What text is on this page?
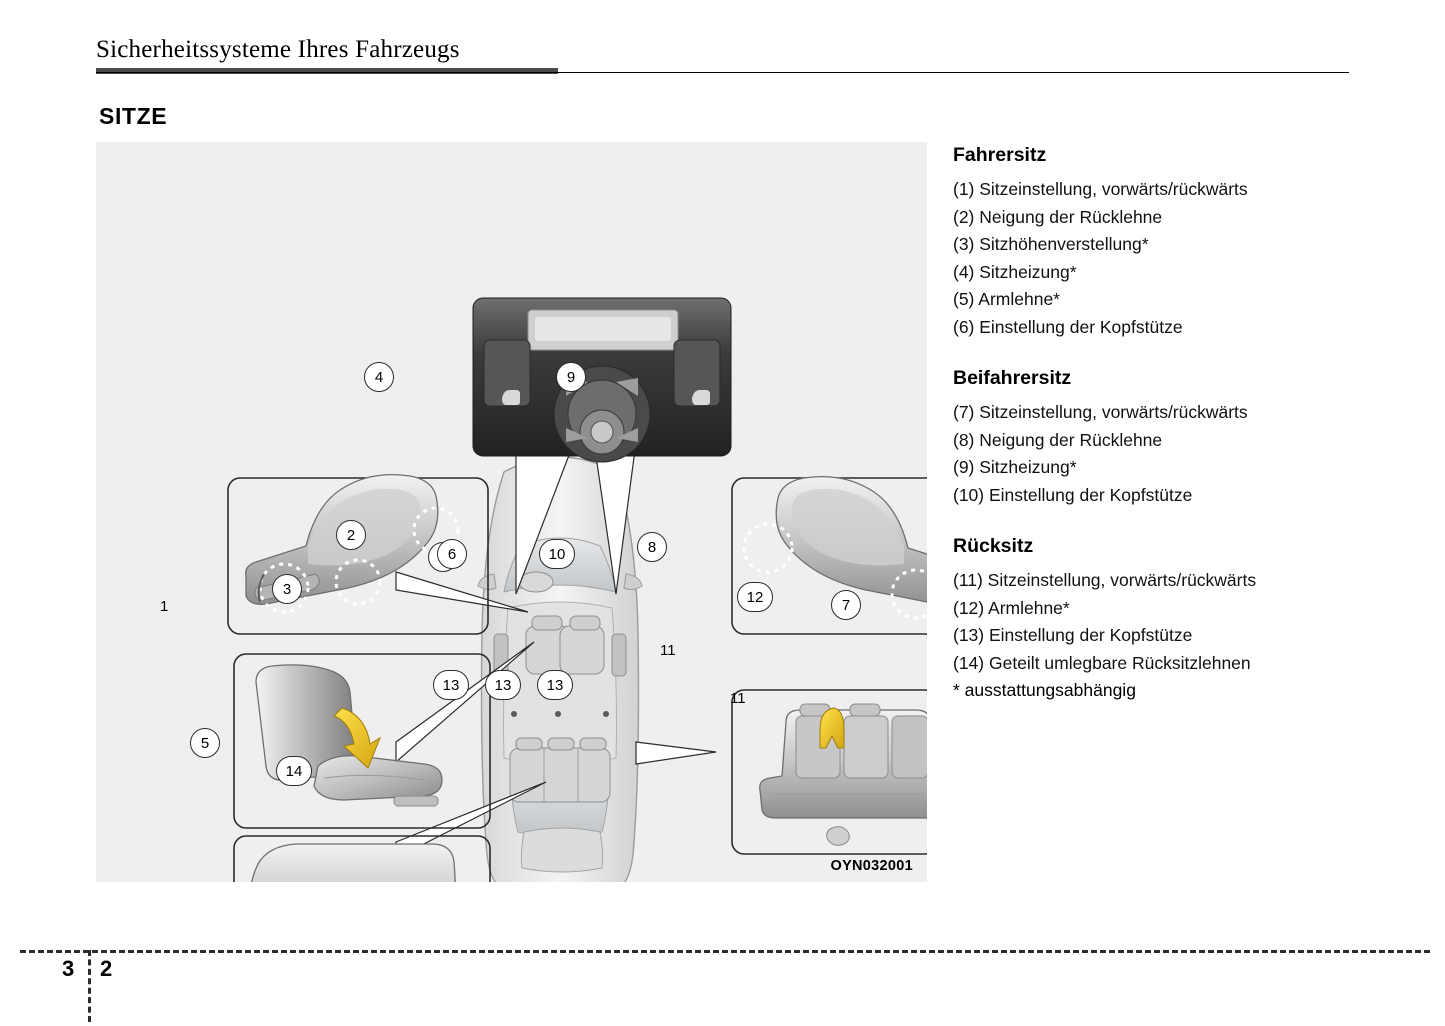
Sicherheitssysteme Ihres Fahrzeugs
SITZE
4	9
2
3
1
8
7
5
6	10
13	13	13
12
11
11
14
OYN032001
Fahrersitz
(1) Sitzeinstellung, vorwärts/rückwärts
(2) Neigung der Rücklehne
(3) Sitzhöhenverstellung*
(4) Sitzheizung*
(5) Armlehne*
(6) Einstellung der Kopfstütze
Beifahrersitz
(7) Sitzeinstellung, vorwärts/rückwärts
(8) Neigung der Rücklehne
(9) Sitzheizung*
(10) Einstellung der Kopfstütze
Rücksitz
(11) Sitzeinstellung, vorwärts/rückwärts
(12) Armlehne*
(13) Einstellung der Kopfstütze
(14) Geteilt umlegbare Rücksitzlehnen
* ausstattungsabhängig
3 2
